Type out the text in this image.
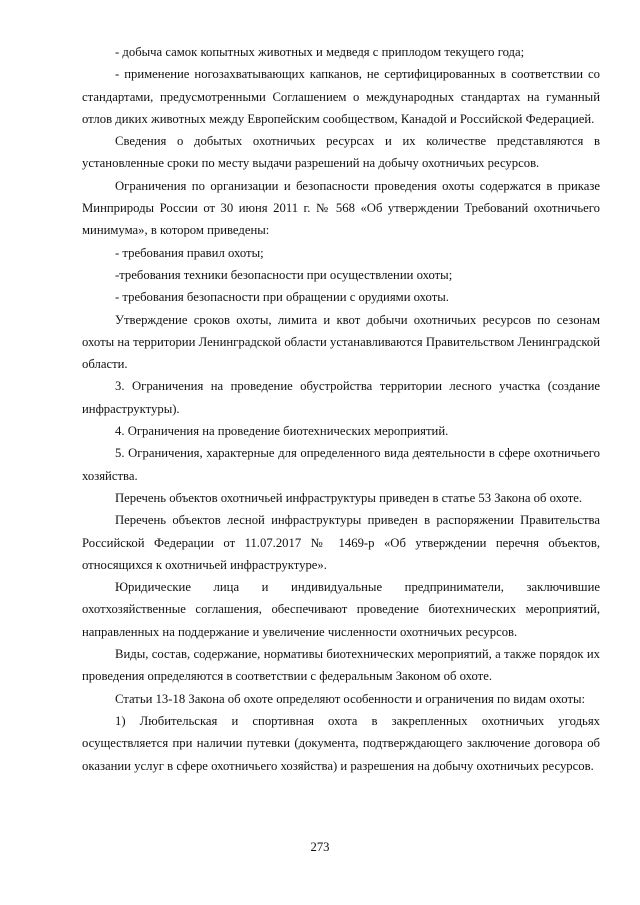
- добыча самок копытных животных и медведя с приплодом текущего года;

- применение ногозахватывающих капканов, не сертифицированных в соответствии со стандартами, предусмотренными Соглашением о международных стандартах на гуманный отлов диких животных между Европейским сообществом, Канадой и Российской Федерацией.

Сведения о добытых охотничьих ресурсах и их количестве представляются в установленные сроки по месту выдачи разрешений на добычу охотничьих ресурсов.

Ограничения по организации и безопасности проведения охоты содержатся в приказе Минприроды России от 30 июня 2011 г. № 568 «Об утверждении Требований охотничьего минимума», в котором приведены:

- требования правил охоты;

-требования техники безопасности при осуществлении охоты;

- требования безопасности при обращении с орудиями охоты.

Утверждение сроков охоты, лимита и квот добычи охотничьих ресурсов по сезонам охоты на территории Ленинградской области устанавливаются Правительством Ленинградской области.

3. Ограничения на проведение обустройства территории лесного участка (создание инфраструктуры).

4. Ограничения на проведение биотехнических мероприятий.

5. Ограничения, характерные для определенного вида деятельности в сфере охотничьего хозяйства.

Перечень объектов охотничьей инфраструктуры приведен в статье 53 Закона об охоте.

Перечень объектов лесной инфраструктуры приведен в распоряжении Правительства Российской Федерации от 11.07.2017 № 1469-р «Об утверждении перечня объектов, относящихся к охотничьей инфраструктуре».

Юридические лица и индивидуальные предприниматели, заключившие охотхозяйственные соглашения, обеспечивают проведение биотехнических мероприятий, направленных на поддержание и увеличение численности охотничьих ресурсов.

Виды, состав, содержание, нормативы биотехнических мероприятий, а также порядок их проведения определяются в соответствии с федеральным Законом об охоте.

Статьи 13-18 Закона об охоте определяют особенности и ограничения по видам охоты:

1) Любительская и спортивная охота в закрепленных охотничьих угодьях осуществляется при наличии путевки (документа, подтверждающего заключение договора об оказании услуг в сфере охотничьего хозяйства) и разрешения на добычу охотничьих ресурсов.

273
